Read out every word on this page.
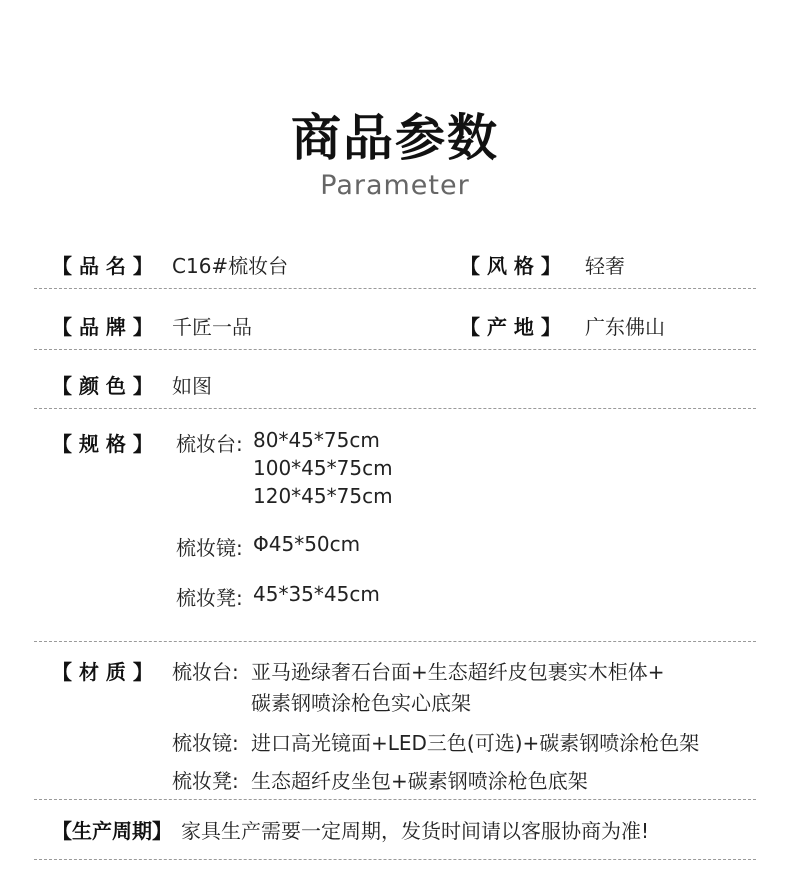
商品参数
Parameter
【 品 名 】 C16#梳妆台	【 风 格 】 轻奢
【 品 牌 】 千匠一品	【 产 地 】 广东佛山
【 颜 色 】 如图
【 规 格 】 梳妆台: 80*45*75cm
100*45*75cm
120*45*75cm
梳妆镜: Φ45*50cm
梳妆凳: 45*35*45cm
【 材 质 】 梳妆台: 亚马逊绿奢石台面+生态超纤皮包裹实木柜体+
碳素钢喷涂枪色实心底架
梳妆镜: 进口高光镜面+LED三色(可选)+碳素钢喷涂枪色架
梳妆凳: 生态超纤皮坐包+碳素钢喷涂枪色底架
【生产周期】 家具生产需要一定周期，发货时间请以客服协商为准!
